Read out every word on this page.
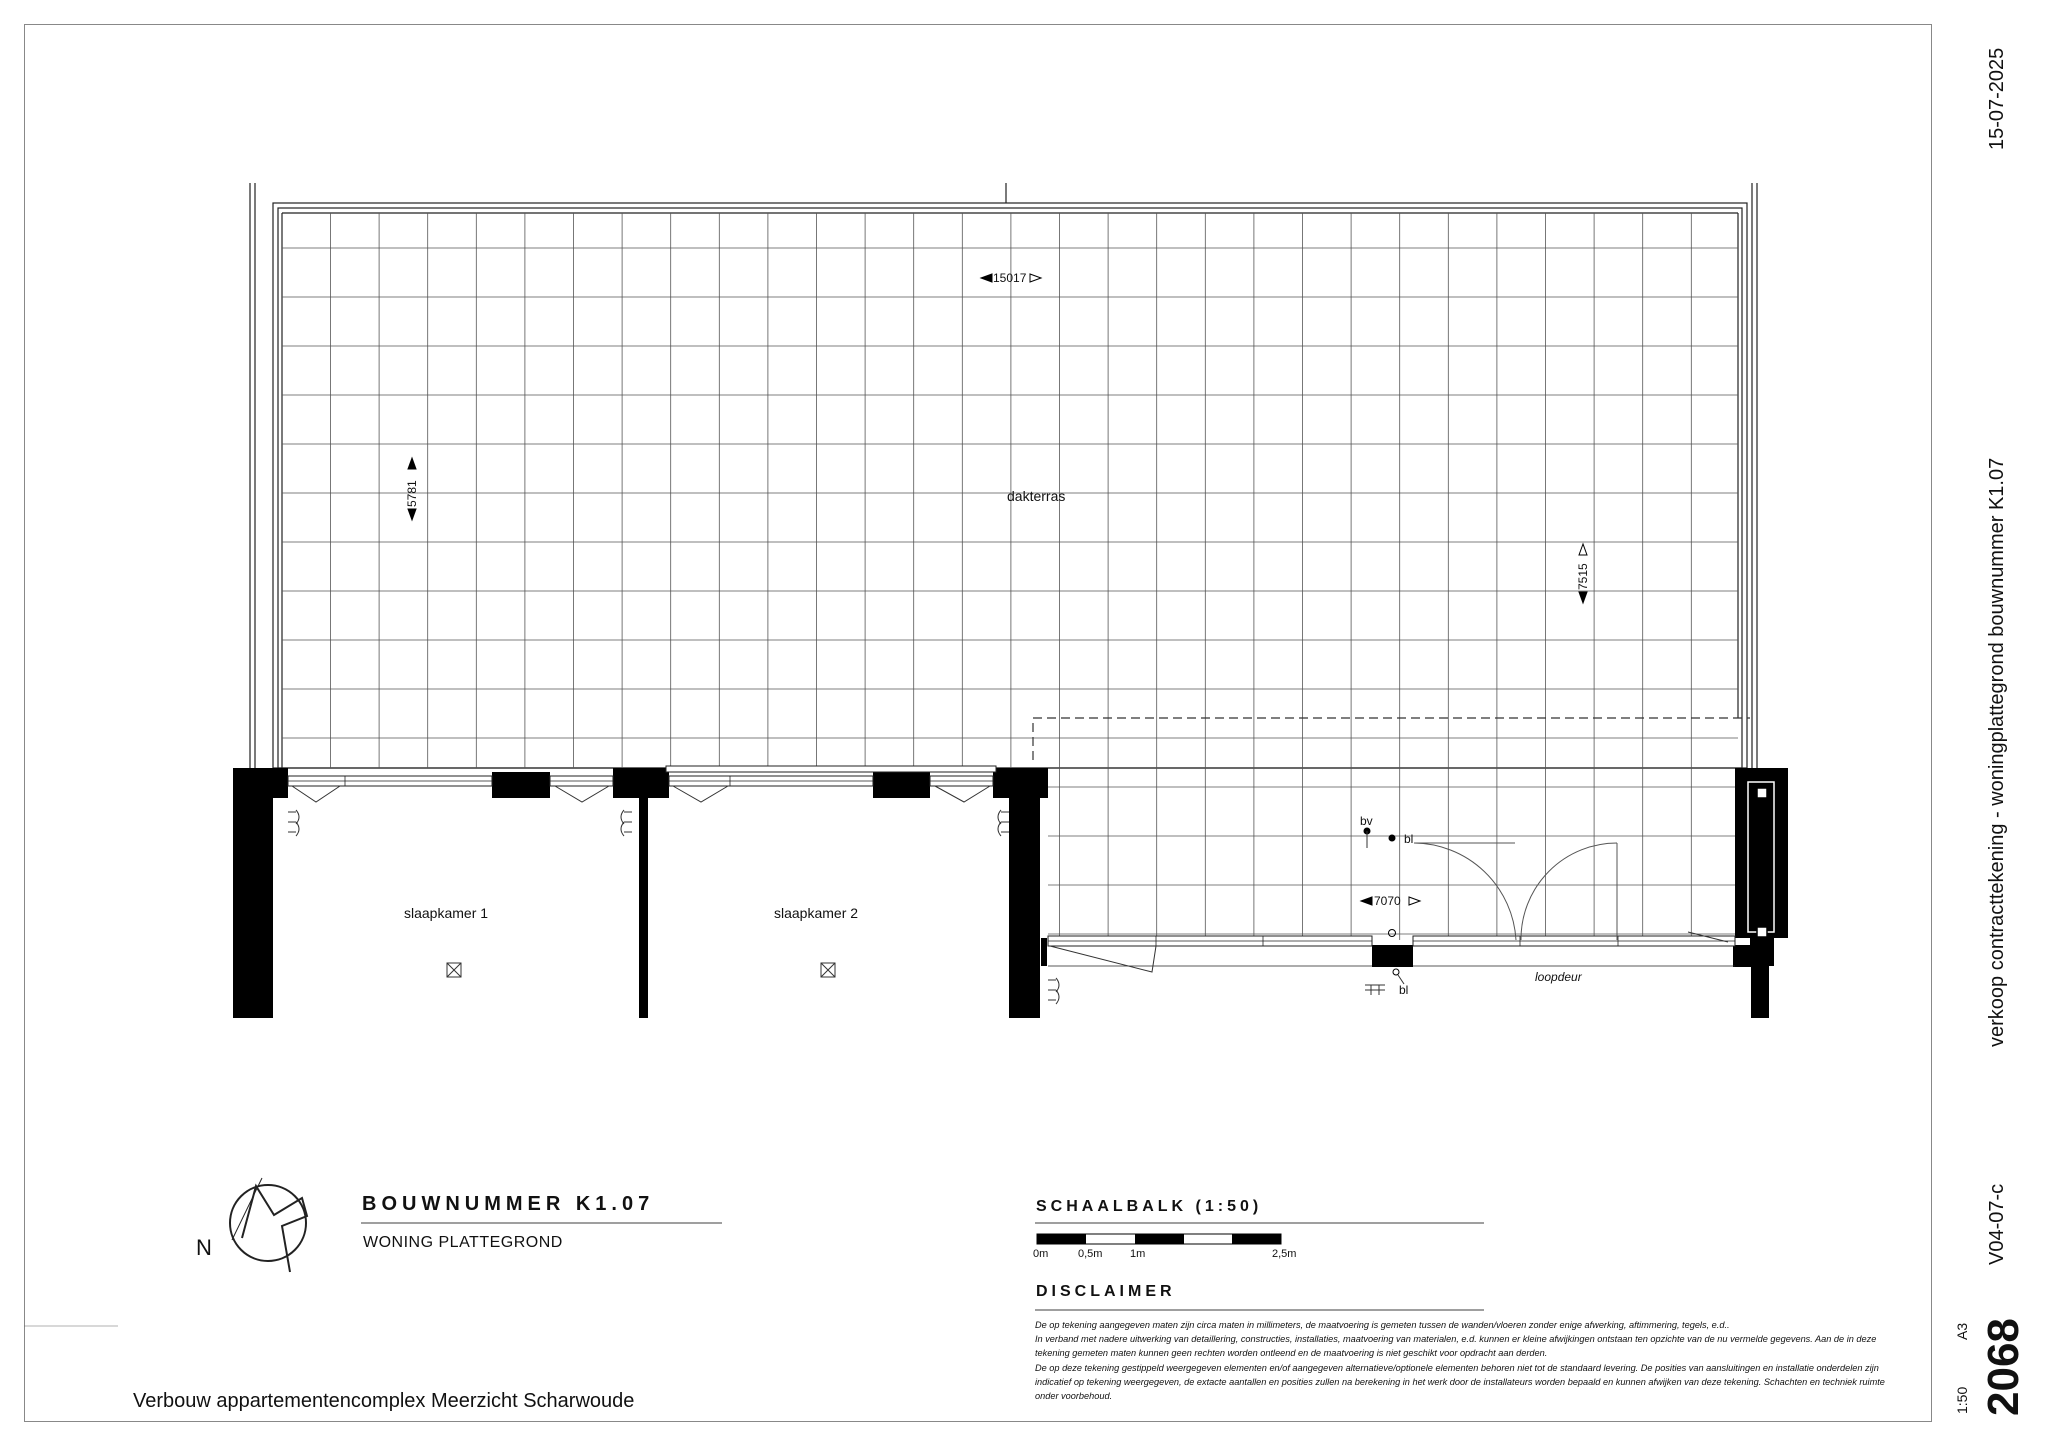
dakterras
slaapkamer 1	slaapkamer 2
loopdeur
15017
5781
7515
7070
bv
bl
bl
N
BOUWNUMMER K1.07
WONING PLATTEGROND
SCHAALBALK (1:50)
0m	0,5m	1m	2,5m
DISCLAIMER

De op tekening aangegeven maten zijn circa maten in millimeters, de maatvoering is gemeten tussen de wanden/vloeren zonder enige afwerking, aftimmering, tegels, e.d..

In verband met nadere uitwerking van detaillering, constructies, installaties, maatvoering van materialen, e.d. kunnen er kleine afwijkingen ontstaan ten opzichte van de nu vermelde gegevens. Aan de in deze tekening gemeten maten kunnen geen rechten worden ontleend en de maatvoering is niet geschikt voor opdracht aan derden.

De op deze tekening gestippeld weergegeven elementen en/of aangegeven alternatieve/optionele elementen behoren niet tot de standaard levering. De posities van aansluitingen en installatie onderdelen zijn indicatief op tekening weergegeven, de extacte aantallen en posities zullen na berekening in het werk door de installateurs worden bepaald en kunnen afwijken van deze tekening. Schachten en techniek ruimte onder voorbehoud.

Verbouw appartementencomplex Meerzicht Scharwoude
15-07-2025
verkoop contracttekening - woningplattegrond bouwnummer K1.07
V04-07-c
A3
1:50 2068
